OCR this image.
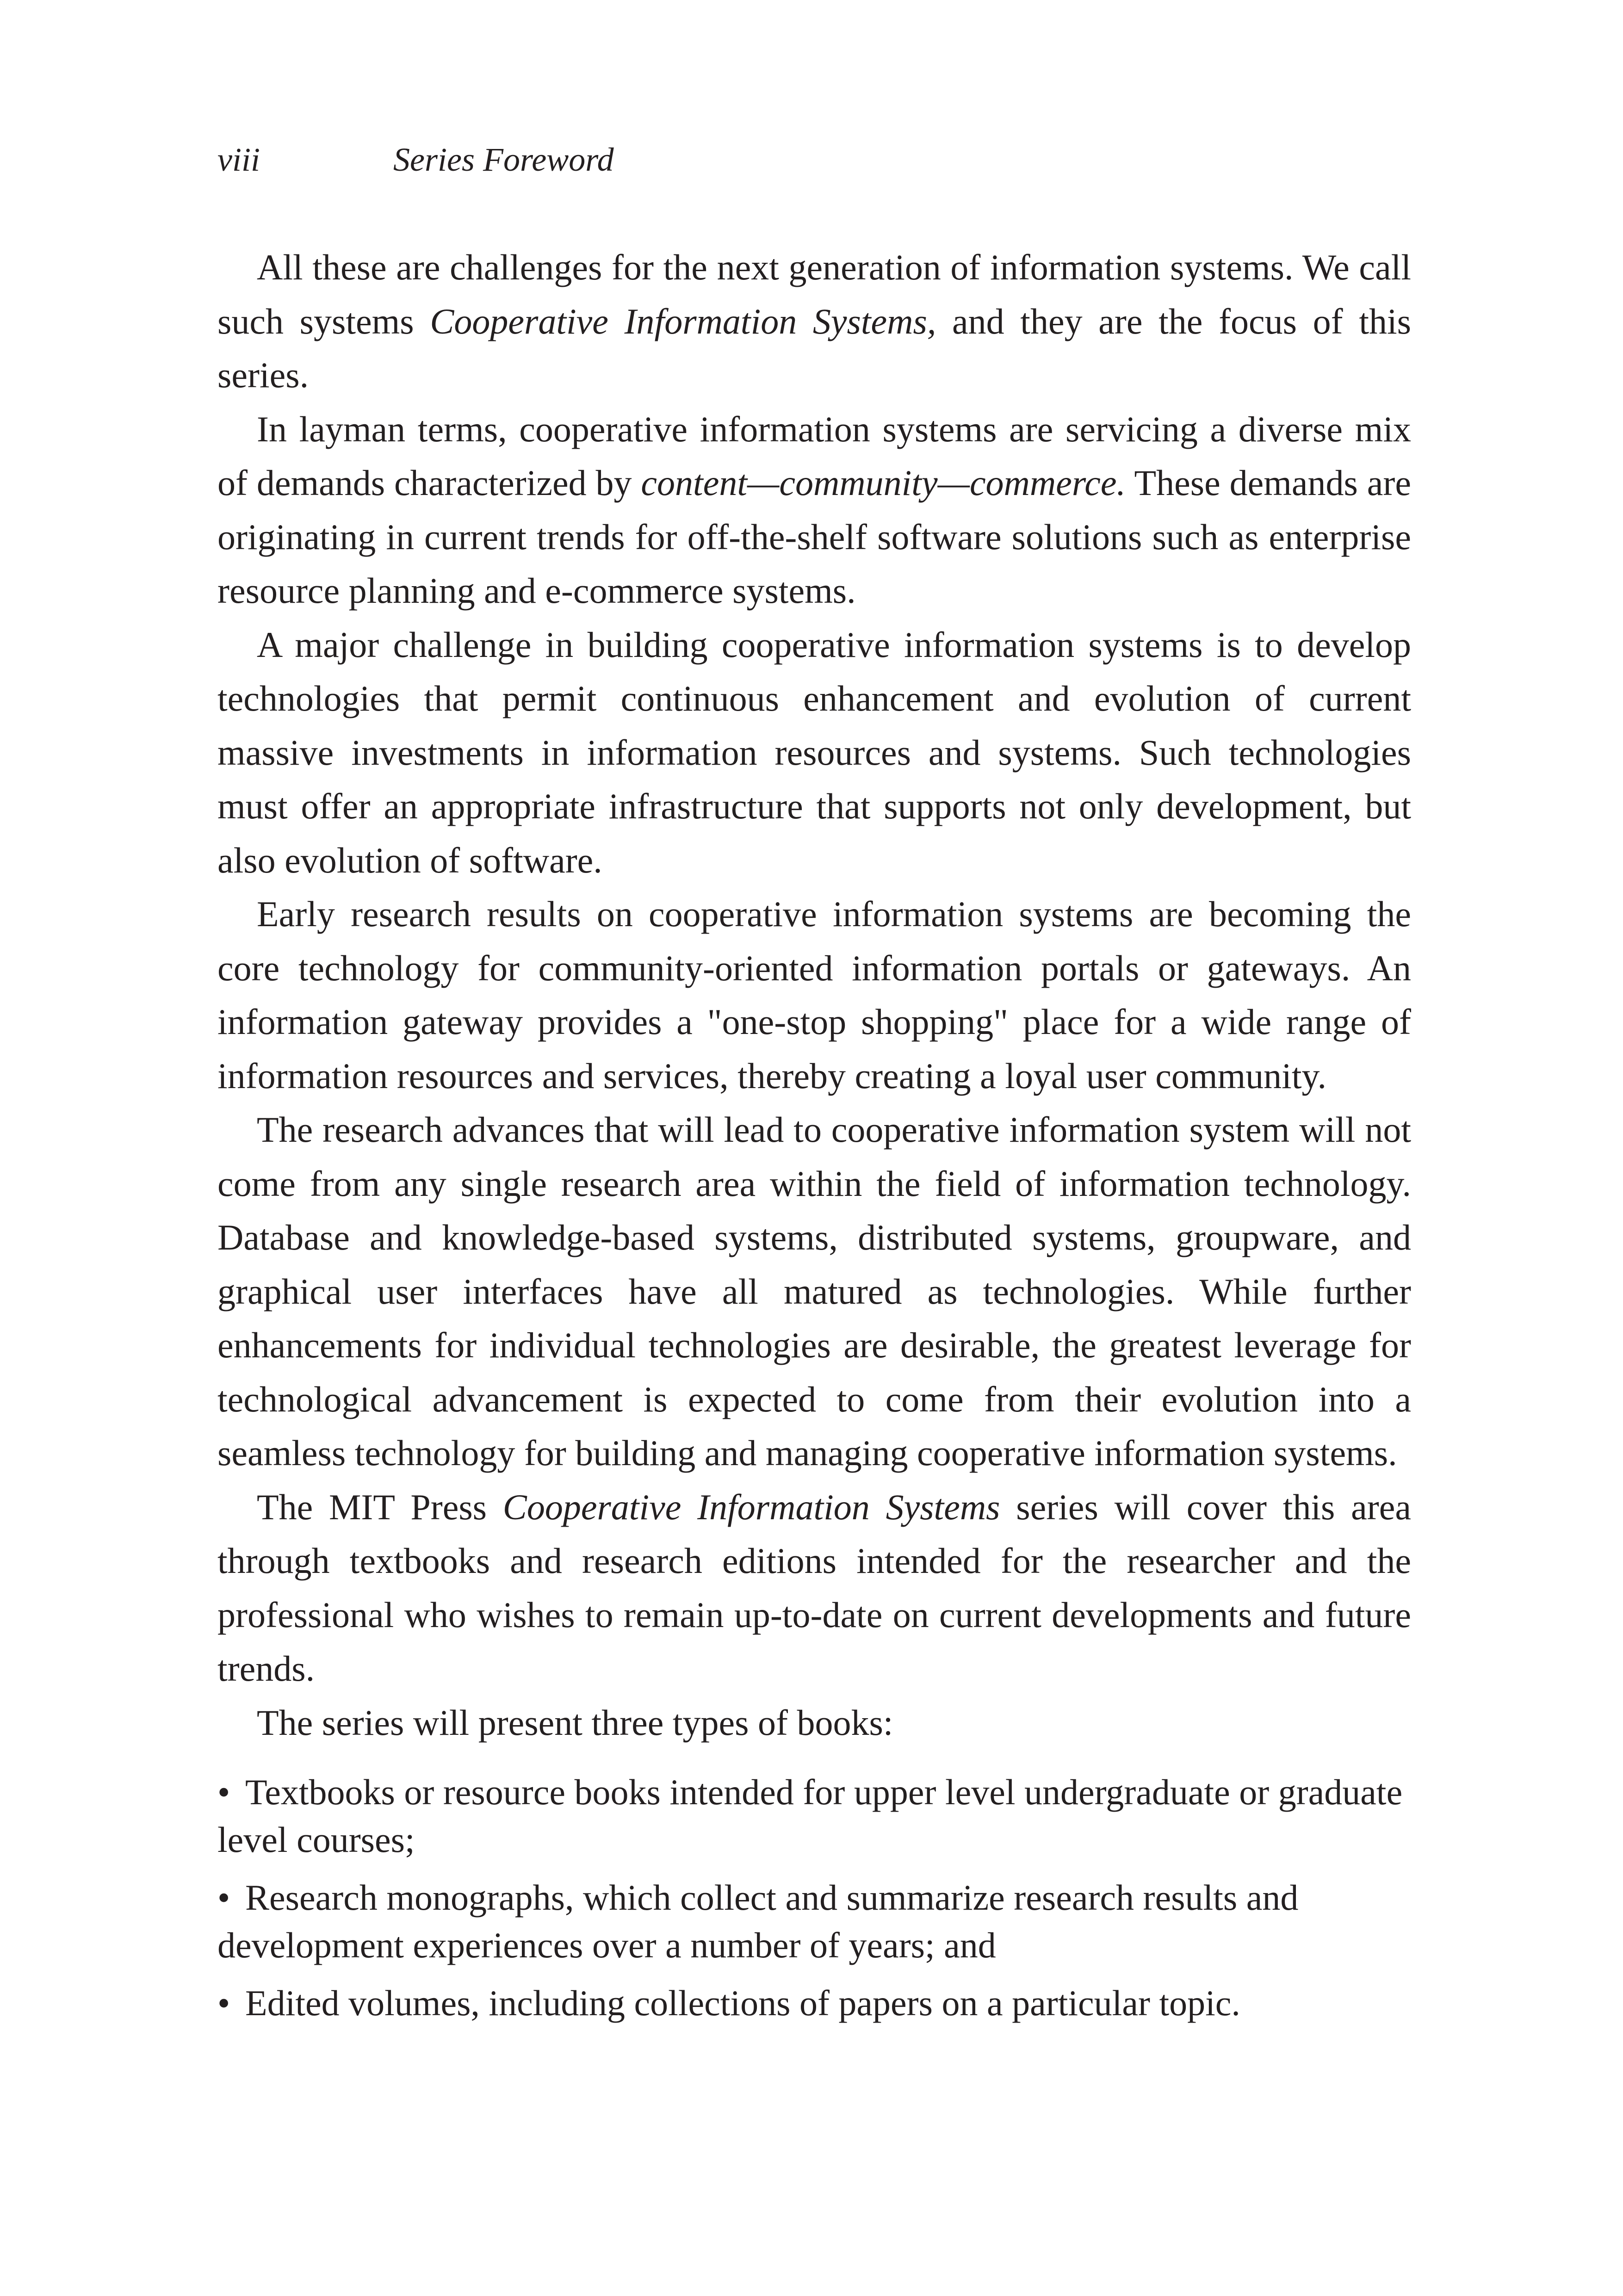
viii	Series Foreword

All these are challenges for the next generation of information systems. We call such systems Cooperative Information Systems, and they are the focus of this series.

In layman terms, cooperative information systems are servicing a diverse mix of demands characterized by content—community—commerce. These demands are originating in current trends for off-the-shelf software solutions such as enterprise resource planning and e-commerce systems.

A major challenge in building cooperative information systems is to develop technologies that permit continuous enhancement and evolution of current massive investments in information resources and systems. Such technologies must offer an appropriate infrastructure that supports not only development, but also evolution of software.

Early research results on cooperative information systems are becoming the core technology for community-oriented information portals or gateways. An information gateway provides a "one-stop shopping" place for a wide range of information resources and services, thereby creating a loyal user community.

The research advances that will lead to cooperative information system will not come from any single research area within the field of information technology. Database and knowledge-based systems, distributed systems, groupware, and graphical user interfaces have all matured as technologies. While further enhancements for individual technologies are desirable, the greatest leverage for technological advancement is expected to come from their evolution into a seamless technology for building and managing cooperative information systems.

The MIT Press Cooperative Information Systems series will cover this area through textbooks and research editions intended for the researcher and the professional who wishes to remain up-to-date on current developments and future trends.

The series will present three types of books:

• Textbooks or resource books intended for upper level undergraduate or graduate level courses;
• Research monographs, which collect and summarize research results and development experiences over a number of years; and
• Edited volumes, including collections of papers on a particular topic.
